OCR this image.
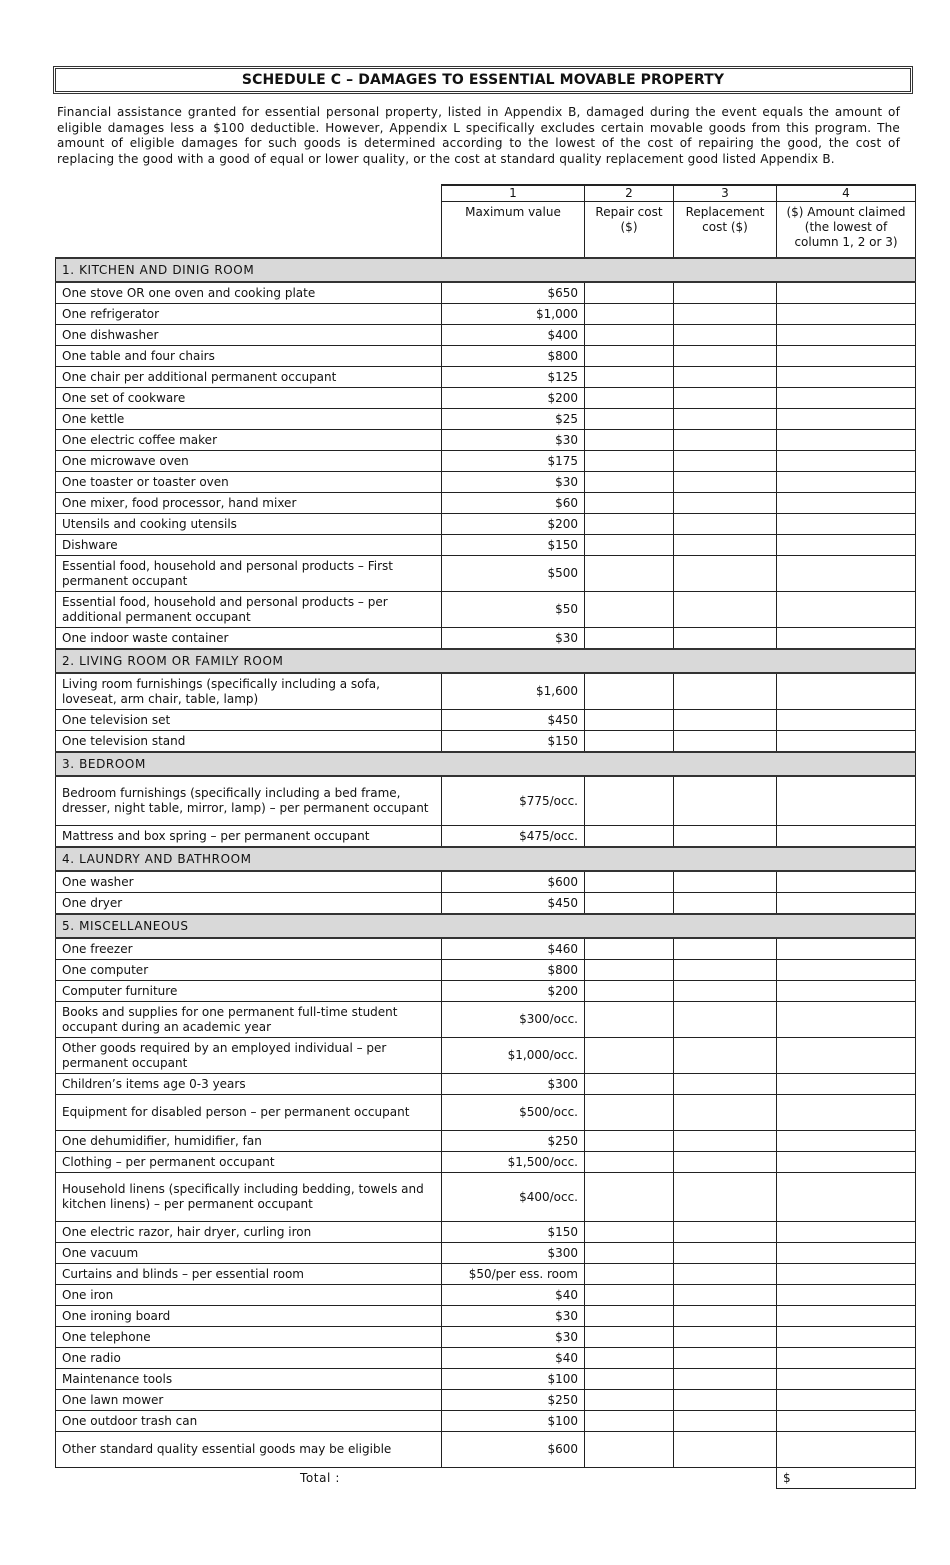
SCHEDULE C – DAMAGES TO ESSENTIAL MOVABLE PROPERTY
Financial assistance granted for essential personal property, listed in Appendix B, damaged during the event equals the amount of eligible damages less a $100 deductible. However, Appendix L specifically excludes certain movable goods from this program. The amount of eligible damages for such goods is determined according to the lowest of the cost of repairing the good, the cost of replacing the good with a good of equal or lower quality, or the cost at standard quality replacement good listed Appendix B.
	1	2	3	4
	Maximum value	Repair cost ($)	Replacement cost ($)	($) Amount claimed (the lowest of column 1, 2 or 3)
1. KITCHEN AND DINIG ROOM				
One stove OR one oven and cooking plate	$650			
One refrigerator	$1,000			
One dishwasher	$400			
One table and four chairs	$800			
One chair per additional permanent occupant	$125			
One set of cookware	$200			
One kettle	$25			
One electric coffee maker	$30			
One microwave oven	$175			
One toaster or toaster oven	$30			
One mixer, food processor, hand mixer	$60			
Utensils and cooking utensils	$200			
Dishware	$150			
Essential food, household and personal products – First permanent occupant	$500			
Essential food, household and personal products – per additional permanent occupant	$50			
One indoor waste container	$30			
2. LIVING ROOM OR FAMILY ROOM				
Living room furnishings (specifically including a sofa, loveseat, arm chair, table, lamp)	$1,600			
One television set	$450			
One television stand	$150			
3. BEDROOM				
Bedroom furnishings (specifically including a bed frame, dresser, night table, mirror, lamp) – per permanent occupant	$775/occ.			
Mattress and box spring – per permanent occupant	$475/occ.			
4. LAUNDRY AND BATHROOM				
One washer	$600			
One dryer	$450			
5. MISCELLANEOUS				
One freezer	$460			
One computer	$800			
Computer furniture	$200			
Books and supplies for one permanent full-time student occupant during an academic year	$300/occ.			
Other goods required by an employed individual – per permanent occupant	$1,000/occ.			
Children’s items age 0-3 years	$300			
Equipment for disabled person – per permanent occupant	$500/occ.			
One dehumidifier, humidifier, fan	$250			
Clothing – per permanent occupant	$1,500/occ.			
Household linens (specifically including bedding, towels and kitchen linens) – per permanent occupant	$400/occ.			
One electric razor, hair dryer, curling iron	$150			
One vacuum	$300			
Curtains and blinds – per essential room	$50/per ess. room			
One iron	$40			
One ironing board	$30			
One telephone	$30			
One radio	$40			
Maintenance tools	$100			
One lawn mower	$250			
One outdoor trash can	$100			
Other standard quality essential goods may be eligible	$600			
Total :				$
